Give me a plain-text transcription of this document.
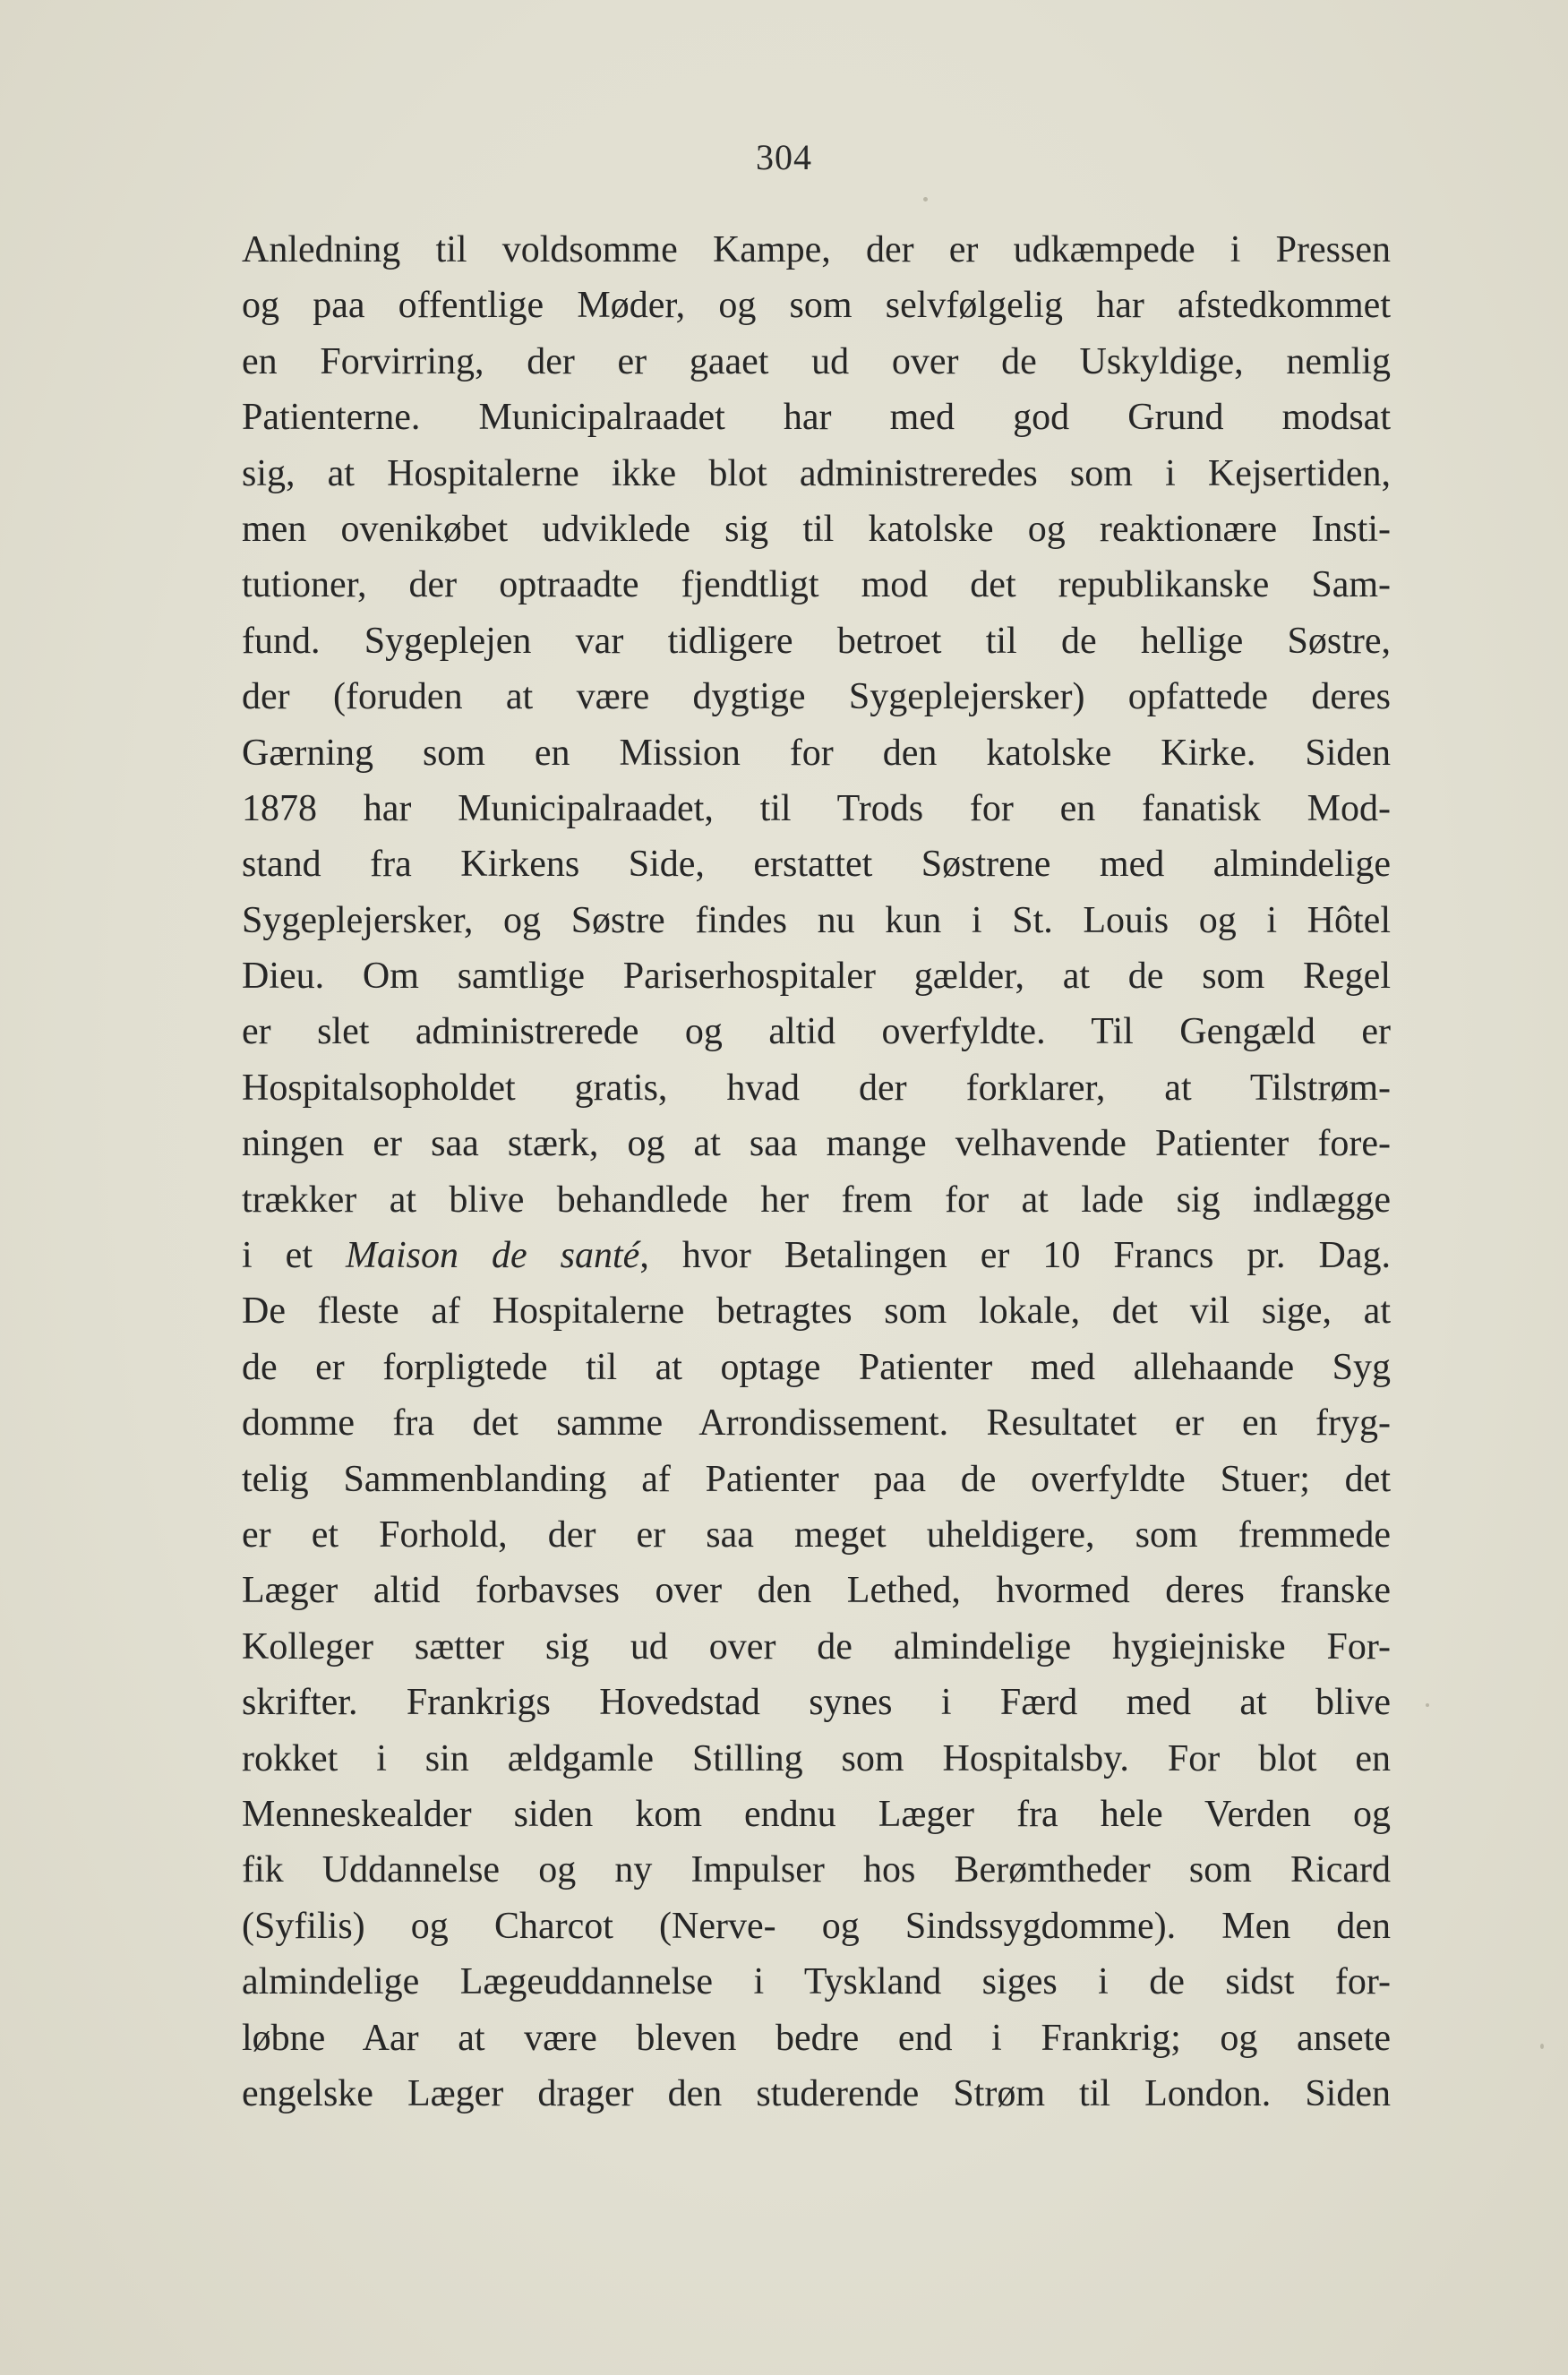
304
Anledning til voldsomme Kampe, der er udkæmpede i Pressen
og paa offentlige Møder, og som selvfølgelig har afstedkommet
en Forvirring, der er gaaet ud over de Uskyldige, nemlig
Patienterne. Municipalraadet har med god Grund modsat
sig, at Hospitalerne ikke blot administreredes som i Kejsertiden,
men ovenikøbet udviklede sig til katolske og reaktionære Insti-
tutioner, der optraadte fjendtligt mod det republikanske Sam-
fund. Sygeplejen var tidligere betroet til de hellige Søstre,
der (foruden at være dygtige Sygeplejersker) opfattede deres
Gærning som en Mission for den katolske Kirke. Siden
1878 har Municipalraadet, til Trods for en fanatisk Mod-
stand fra Kirkens Side, erstattet Søstrene med almindelige
Sygeplejersker, og Søstre findes nu kun i St. Louis og i Hôtel
Dieu. Om samtlige Pariserhospitaler gælder, at de som Regel
er slet administrerede og altid overfyldte. Til Gengæld er
Hospitalsopholdet gratis, hvad der forklarer, at Tilstrøm-
ningen er saa stærk, og at saa mange velhavende Patienter fore-
trækker at blive behandlede her frem for at lade sig indlægge
i et Maison de santé, hvor Betalingen er 10 Francs pr. Dag.
De fleste af Hospitalerne betragtes som lokale, det vil sige, at
de er forpligtede til at optage Patienter med allehaande Syg
domme fra det samme Arrondissement. Resultatet er en fryg-
telig Sammenblanding af Patienter paa de overfyldte Stuer; det
er et Forhold, der er saa meget uheldigere, som fremmede
Læger altid forbavses over den Lethed, hvormed deres franske
Kolleger sætter sig ud over de almindelige hygiejniske For-
skrifter. Frankrigs Hovedstad synes i Færd med at blive
rokket i sin ældgamle Stilling som Hospitalsby. For blot en
Menneskealder siden kom endnu Læger fra hele Verden og
fik Uddannelse og ny Impulser hos Berømtheder som Ricard
(Syfilis) og Charcot (Nerve- og Sindssygdomme). Men den
almindelige Lægeuddannelse i Tyskland siges i de sidst for-
løbne Aar at være bleven bedre end i Frankrig; og ansete
engelske Læger drager den studerende Strøm til London. Siden
